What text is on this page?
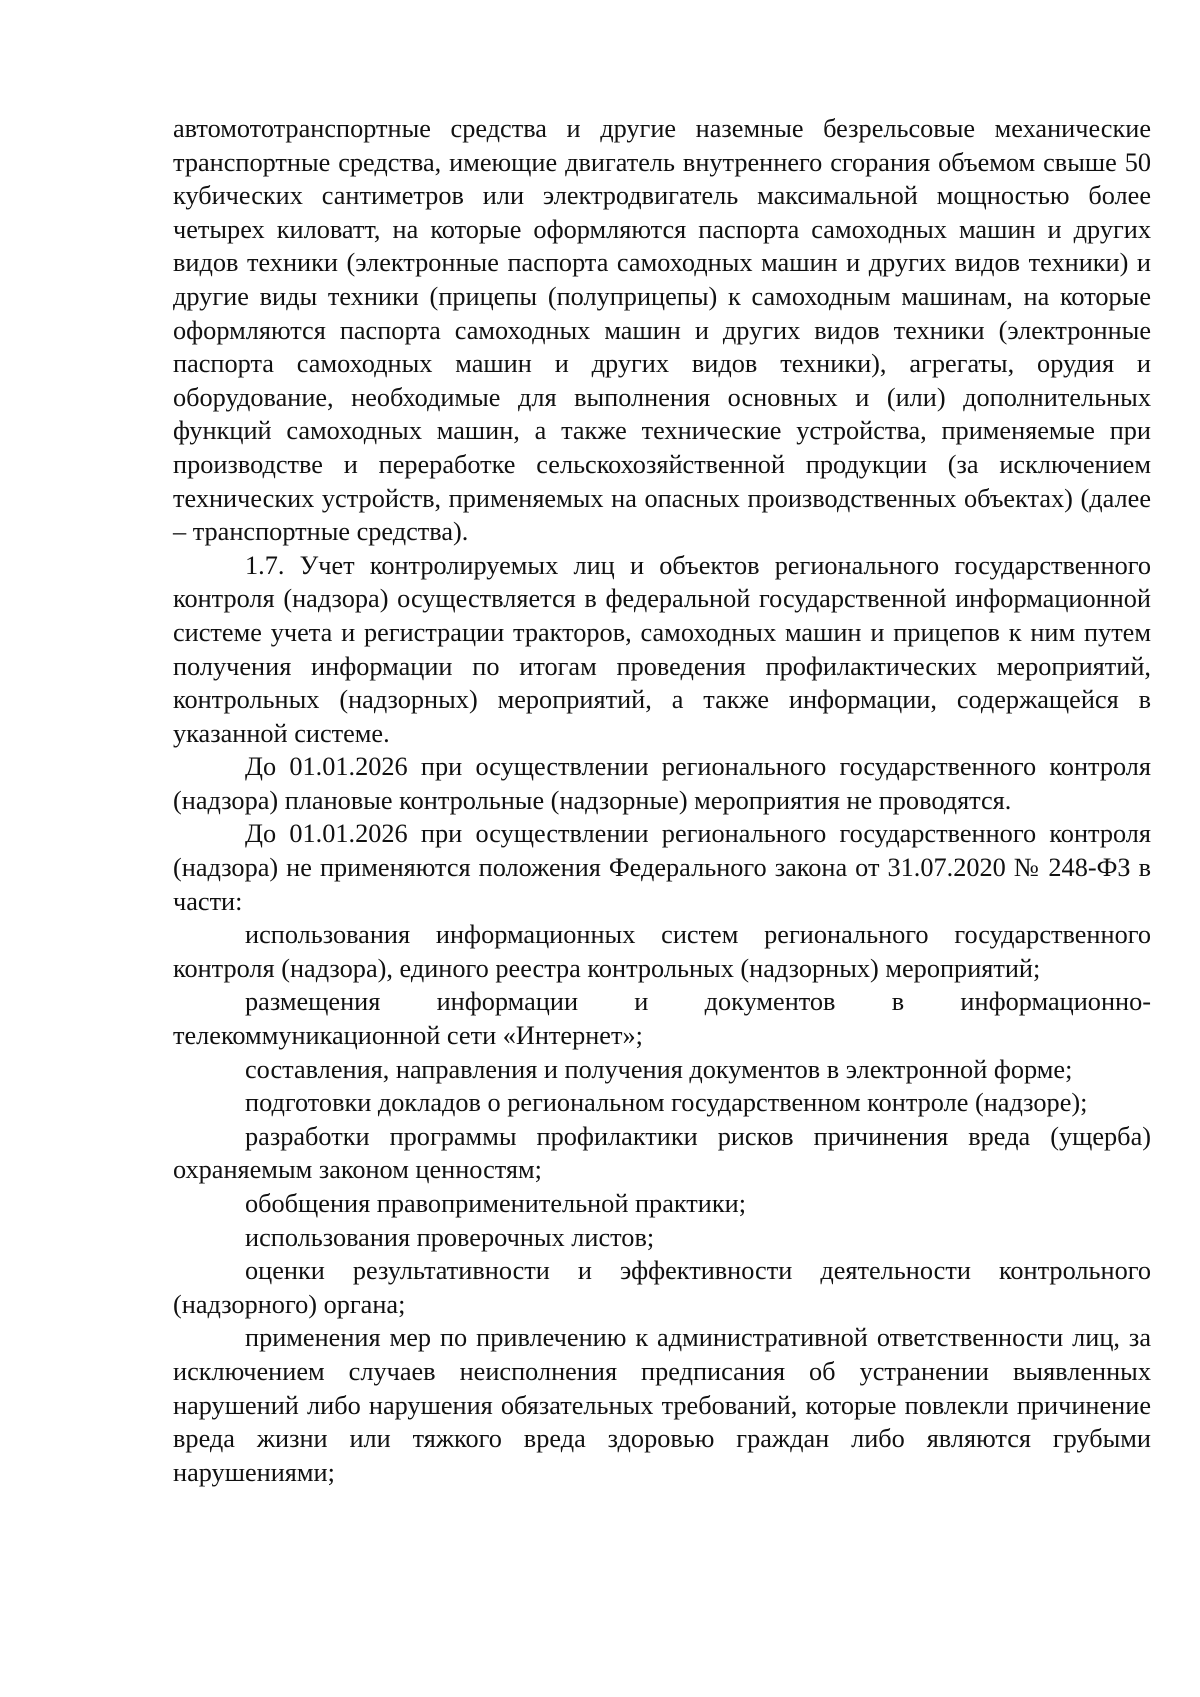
автомототранспортные средства и другие наземные безрельсовые механические транспортные средства, имеющие двигатель внутреннего сгорания объемом свыше 50 кубических сантиметров или электродвигатель максимальной мощностью более четырех киловатт, на которые оформляются паспорта самоходных машин и других видов техники (электронные паспорта самоходных машин и других видов техники) и другие виды техники (прицепы (полуприцепы) к самоходным машинам, на которые оформляются паспорта самоходных машин и других видов техники (электронные паспорта самоходных машин и других видов техники), агрегаты, орудия и оборудование, необходимые для выполнения основных и (или) дополнительных функций самоходных машин, а также технические устройства, применяемые при производстве и переработке сельскохозяйственной продукции (за исключением технических устройств, применяемых на опасных производственных объектах) (далее – транспортные средства).

1.7. Учет контролируемых лиц и объектов регионального государственного контроля (надзора) осуществляется в федеральной государственной информационной системе учета и регистрации тракторов, самоходных машин и прицепов к ним путем получения информации по итогам проведения профилактических мероприятий, контрольных (надзорных) мероприятий, а также информации, содержащейся в указанной системе.

До 01.01.2026 при осуществлении регионального государственного контроля (надзора) плановые контрольные (надзорные) мероприятия не проводятся.

До 01.01.2026 при осуществлении регионального государственного контроля (надзора) не применяются положения Федерального закона от 31.07.2020 № 248-ФЗ в части:

использования информационных систем регионального государственного контроля (надзора), единого реестра контрольных (надзорных) мероприятий;

размещения информации и документов в информационно-телекоммуникационной сети «Интернет»;

составления, направления и получения документов в электронной форме;

подготовки докладов о региональном государственном контроле (надзоре);

разработки программы профилактики рисков причинения вреда (ущерба) охраняемым законом ценностям;

обобщения правоприменительной практики;

использования проверочных листов;

оценки результативности и эффективности деятельности контрольного (надзорного) органа;

применения мер по привлечению к административной ответственности лиц, за исключением случаев неисполнения предписания об устранении выявленных нарушений либо нарушения обязательных требований, которые повлекли причинение вреда жизни или тяжкого вреда здоровью граждан либо являются грубыми нарушениями;
